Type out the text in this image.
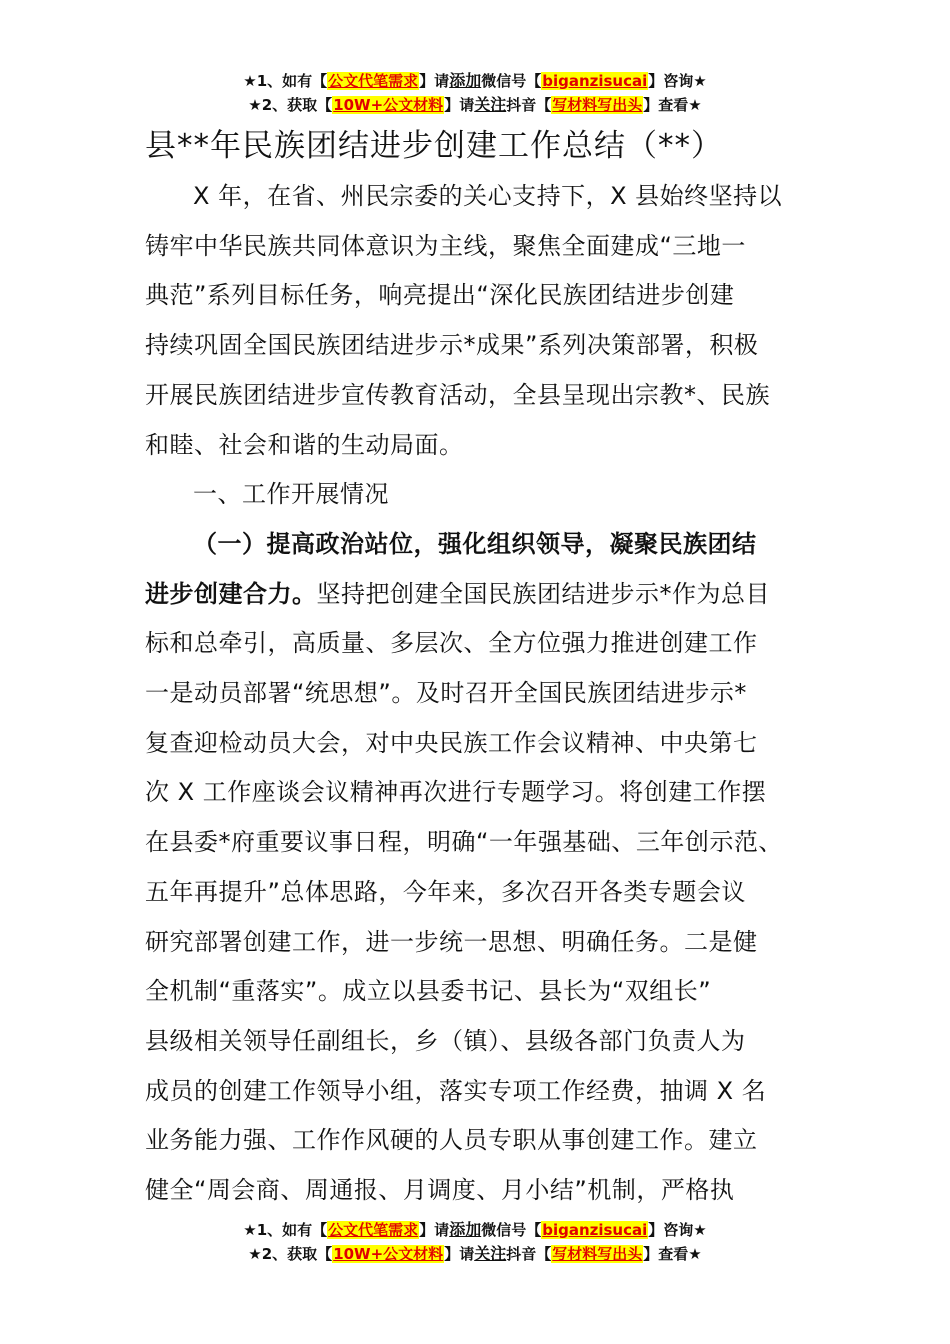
★1、如有【公文代笔需求】请添加微信号【biganzisucai】咨询★
★2、获取【10W+公文材料】请关注抖音【写材料写出头】查看★
县**年民族团结进步创建工作总结（**）
X 年，在省、州民宗委的关心支持下，X 县始终坚持以
铸牢中华民族共同体意识为主线，聚焦全面建成“三地一
典范”系列目标任务，响亮提出“深化民族团结进步创建
持续巩固全国民族团结进步示*成果”系列决策部署，积极
开展民族团结进步宣传教育活动，全县呈现出宗教*、民族
和睦、社会和谐的生动局面。
一、工作开展情况
（一）提高政治站位，强化组织领导，凝聚民族团结
进步创建合力。坚持把创建全国民族团结进步示*作为总目
标和总牵引，高质量、多层次、全方位强力推进创建工作
一是动员部署“统思想”。及时召开全国民族团结进步示*
复查迎检动员大会，对中央民族工作会议精神、中央第七
次 X 工作座谈会议精神再次进行专题学习。将创建工作摆
在县委*府重要议事日程，明确“一年强基础、三年创示范、
五年再提升”总体思路，今年来，多次召开各类专题会议
研究部署创建工作，进一步统一思想、明确任务。二是健
全机制“重落实”。成立以县委书记、县长为“双组长”
县级相关领导任副组长，乡（镇）、县级各部门负责人为
成员的创建工作领导小组，落实专项工作经费，抽调 X 名
业务能力强、工作作风硬的人员专职从事创建工作。建立
健全“周会商、周通报、月调度、月小结”机制，严格执
★1、如有【公文代笔需求】请添加微信号【biganzisucai】咨询★
★2、获取【10W+公文材料】请关注抖音【写材料写出头】查看★
